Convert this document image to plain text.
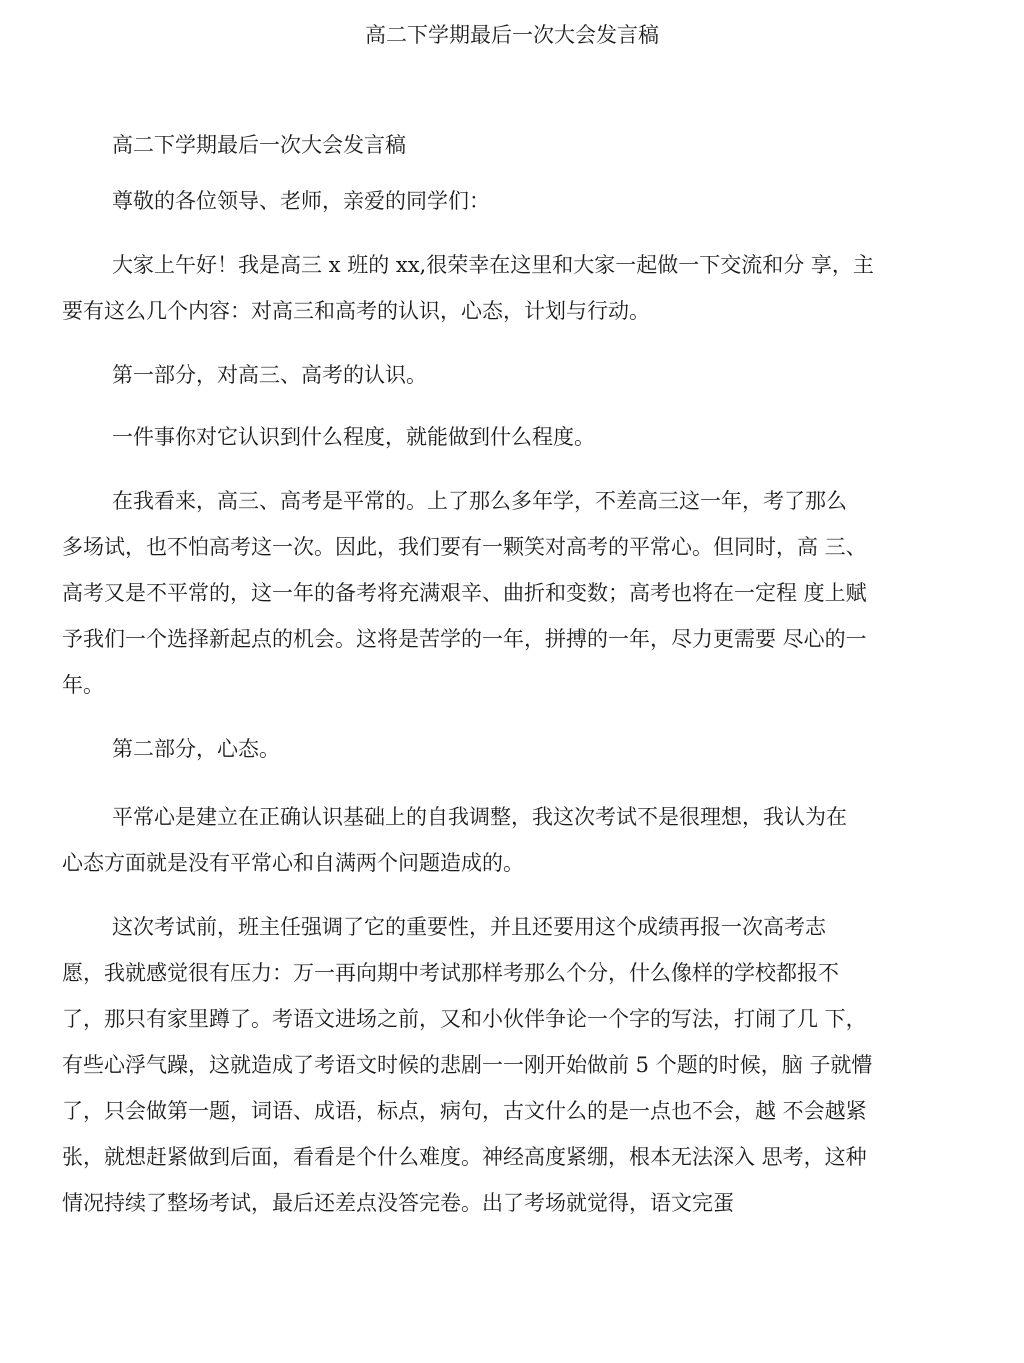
高二下学期最后一次大会发言稿
高二下学期最后一次大会发言稿
尊敬的各位领导、老师，亲爱的同学们：
大家上午好！我是高三 x 班的 xx,很荣幸在这里和大家一起做一下交流和分 享，主
要有这么几个内容：对高三和高考的认识，心态，计划与行动。
第一部分，对高三、高考的认识。
一件事你对它认识到什么程度，就能做到什么程度。
在我看来，高三、高考是平常的。上了那么多年学，不差高三这一年，考了那么
多场试，也不怕高考这一次。因此，我们要有一颗笑对高考的平常心。但同时，高 三、
高考又是不平常的，这一年的备考将充满艰辛、曲折和变数；高考也将在一定程 度上赋
予我们一个选择新起点的机会。这将是苦学的一年，拼搏的一年，尽力更需要 尽心的一
年。
第二部分，心态。
平常心是建立在正确认识基础上的自我调整，我这次考试不是很理想，我认为在
心态方面就是没有平常心和自满两个问题造成的。
这次考试前，班主任强调了它的重要性，并且还要用这个成绩再报一次高考志
愿，我就感觉很有压力：万一再向期中考试那样考那么个分，什么像样的学校都报不
了，那只有家里蹲了。考语文进场之前，又和小伙伴争论一个字的写法，打闹了几 下，
有些心浮气躁，这就造成了考语文时候的悲剧一一刚开始做前 5 个题的时候，脑 子就懵
了，只会做第一题，词语、成语，标点，病句，古文什么的是一点也不会，越 不会越紧
张，就想赶紧做到后面，看看是个什么难度。神经高度紧绷，根本无法深入 思考，这种
情况持续了整场考试，最后还差点没答完卷。出了考场就觉得，语文完蛋
